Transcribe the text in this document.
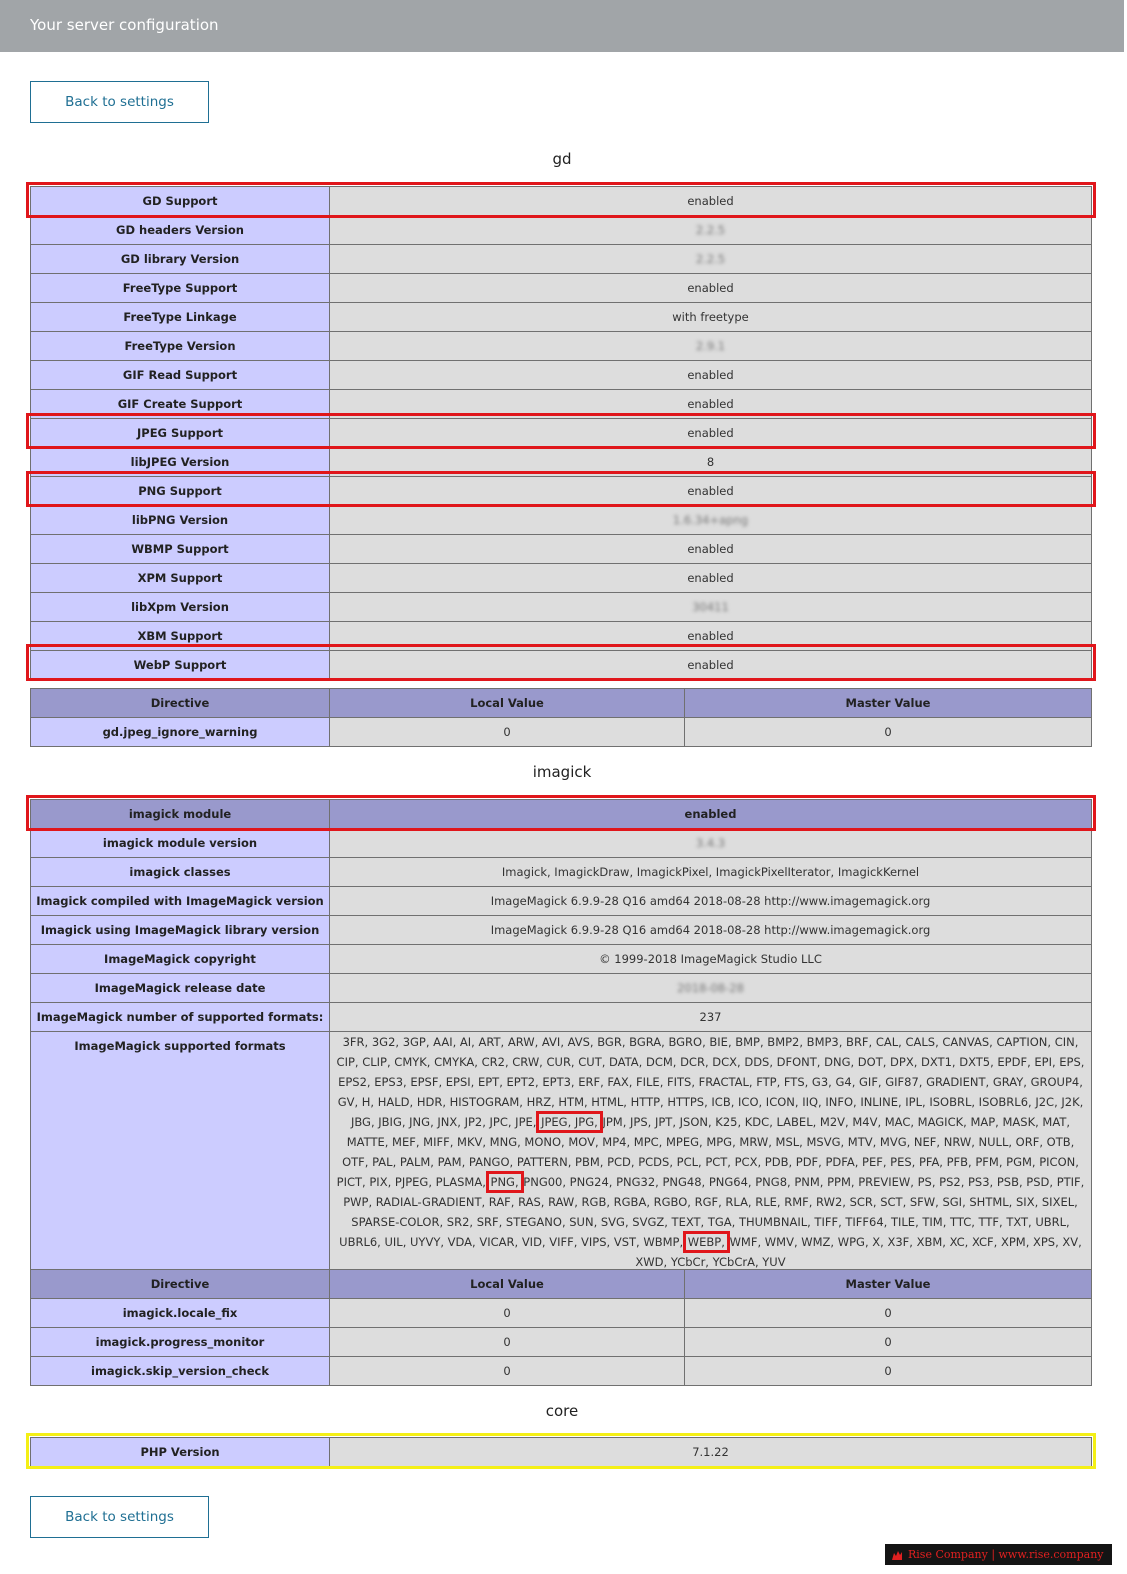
Your server configuration
Back to settings
gd
GD Support	enabled
GD headers Version	2.2.5
GD library Version	2.2.5
FreeType Support	enabled
FreeType Linkage	with freetype
FreeType Version	2.9.1
GIF Read Support	enabled
GIF Create Support	enabled
JPEG Support	enabled
libJPEG Version	8
PNG Support	enabled
libPNG Version	1.6.34+apng
WBMP Support	enabled
XPM Support	enabled
libXpm Version	30411
XBM Support	enabled
WebP Support	enabled
Directive	Local Value	Master Value
gd.jpeg_ignore_warning	0	0
imagick
imagick module	enabled
imagick module version	3.4.3
imagick classes	Imagick, ImagickDraw, ImagickPixel, ImagickPixelIterator, ImagickKernel
Imagick compiled with ImageMagick version	ImageMagick 6.9.9-28 Q16 amd64 2018-08-28 http://www.imagemagick.org
Imagick using ImageMagick library version	ImageMagick 6.9.9-28 Q16 amd64 2018-08-28 http://www.imagemagick.org
ImageMagick copyright	© 1999-2018 ImageMagick Studio LLC
ImageMagick release date	2018-08-28
ImageMagick number of supported formats:	237
ImageMagick supported formats	3FR, 3G2, 3GP, AAI, AI, ART, ARW, AVI, AVS, BGR, BGRA, BGRO, BIE, BMP, BMP2, BMP3, BRF, CAL, CALS, CANVAS, CAPTION, CIN, CIP, CLIP, CMYK, CMYKA, CR2, CRW, CUR, CUT, DATA, DCM, DCR, DCX, DDS, DFONT, DNG, DOT, DPX, DXT1, DXT5, EPDF, EPI, EPS, EPS2, EPS3, EPSF, EPSI, EPT, EPT2, EPT3, ERF, FAX, FILE, FITS, FRACTAL, FTP, FTS, G3, G4, GIF, GIF87, GRADIENT, GRAY, GROUP4, GV, H, HALD, HDR, HISTOGRAM, HRZ, HTM, HTML, HTTP, HTTPS, ICB, ICO, ICON, IIQ, INFO, INLINE, IPL, ISOBRL, ISOBRL6, J2C, J2K, JBG, JBIG, JNG, JNX, JP2, JPC, JPE, JPEG, JPG, JPM, JPS, JPT, JSON, K25, KDC, LABEL, M2V, M4V, MAC, MAGICK, MAP, MASK, MAT, MATTE, MEF, MIFF, MKV, MNG, MONO, MOV, MP4, MPC, MPEG, MPG, MRW, MSL, MSVG, MTV, MVG, NEF, NRW, NULL, ORF, OTB, OTF, PAL, PALM, PAM, PANGO, PATTERN, PBM, PCD, PCDS, PCL, PCT, PCX, PDB, PDF, PDFA, PEF, PES, PFA, PFB, PFM, PGM, PICON, PICT, PIX, PJPEG, PLASMA, PNG, PNG00, PNG24, PNG32, PNG48, PNG64, PNG8, PNM, PPM, PREVIEW, PS, PS2, PS3, PSB, PSD, PTIF, PWP, RADIAL-GRADIENT, RAF, RAS, RAW, RGB, RGBA, RGBO, RGF, RLA, RLE, RMF, RW2, SCR, SCT, SFW, SGI, SHTML, SIX, SIXEL, SPARSE-COLOR, SR2, SRF, STEGANO, SUN, SVG, SVGZ, TEXT, TGA, THUMBNAIL, TIFF, TIFF64, TILE, TIM, TTC, TTF, TXT, UBRL, UBRL6, UIL, UYVY, VDA, VICAR, VID, VIFF, VIPS, VST, WBMP, WEBP, WMF, WMV, WMZ, WPG, X, X3F, XBM, XC, XCF, XPM, XPS, XV, XWD, YCbCr, YCbCrA, YUV
Directive	Local Value	Master Value
imagick.locale_fix	0	0
imagick.progress_monitor	0	0
imagick.skip_version_check	0	0
core
PHP Version	7.1.22
Back to settings
Rise Company | www.rise.company
